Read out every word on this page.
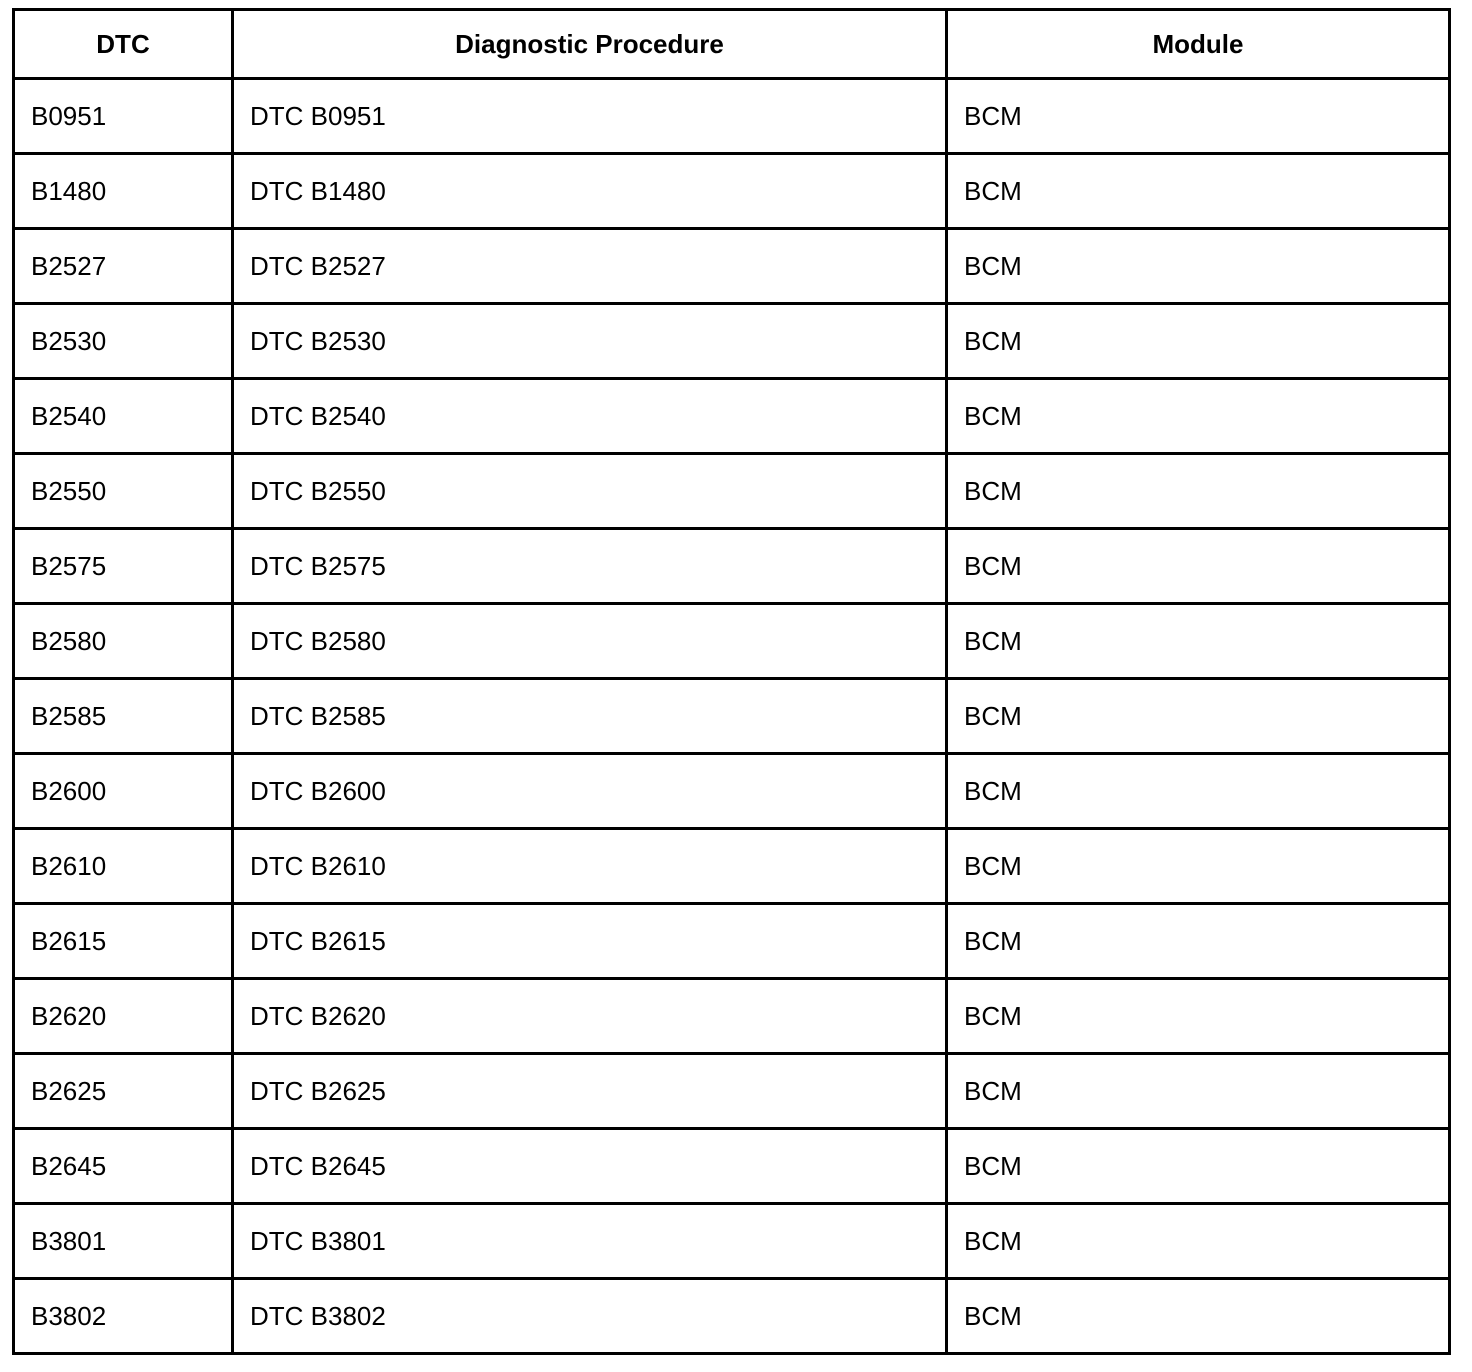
DTC	Diagnostic Procedure	Module
B0951	DTC B0951	BCM
B1480	DTC B1480	BCM
B2527	DTC B2527	BCM
B2530	DTC B2530	BCM
B2540	DTC B2540	BCM
B2550	DTC B2550	BCM
B2575	DTC B2575	BCM
B2580	DTC B2580	BCM
B2585	DTC B2585	BCM
B2600	DTC B2600	BCM
B2610	DTC B2610	BCM
B2615	DTC B2615	BCM
B2620	DTC B2620	BCM
B2625	DTC B2625	BCM
B2645	DTC B2645	BCM
B3801	DTC B3801	BCM
B3802	DTC B3802	BCM
